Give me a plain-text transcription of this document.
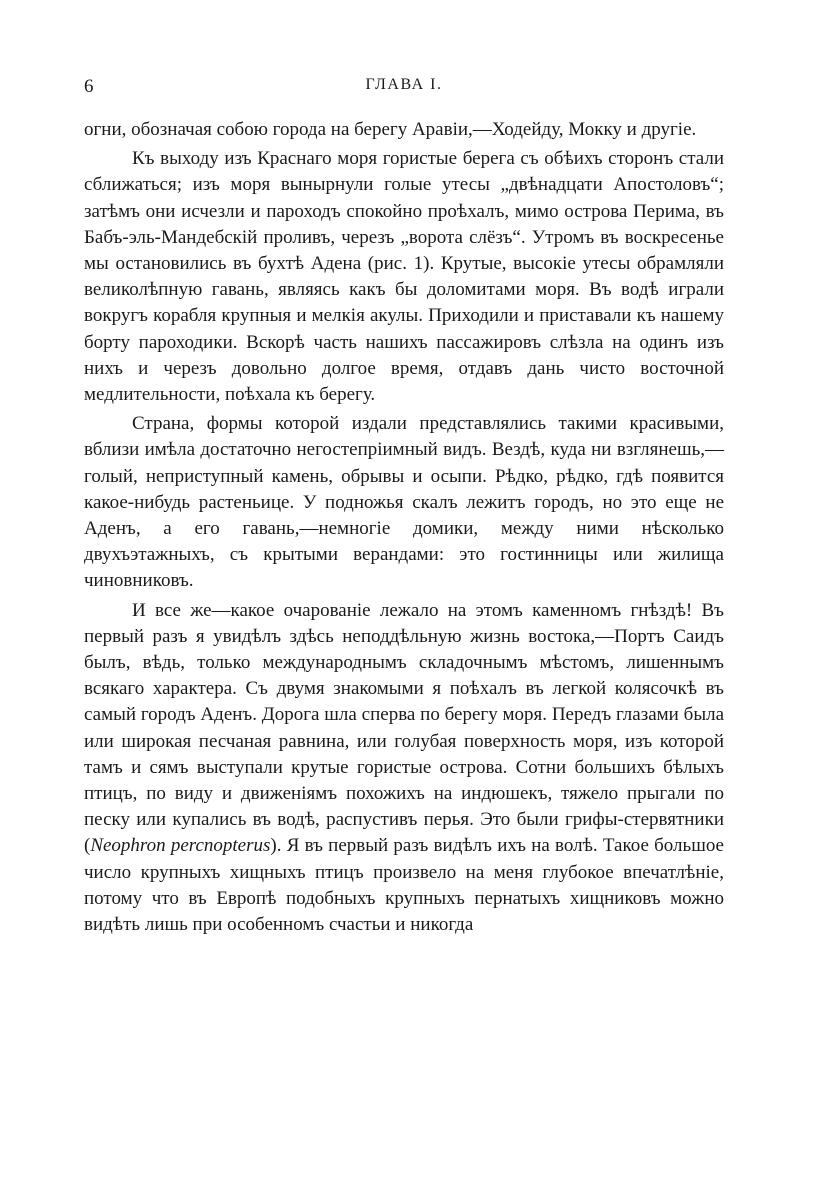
6	ГЛАВА I.

огни, обозначая собою города на берегу Аравіи,—Ходейду, Мокку и другіе.

Къ выходу изъ Краснаго моря гористые берега съ обѣихъ сторонъ стали сближаться; изъ моря вынырнули голые утесы „двѣнадцати Апостоловъ“; затѣмъ они исчезли и пароходъ спокойно проѣхалъ, мимо острова Перима, въ Бабъ-эль-Мандебскій проливъ, черезъ „ворота слёзъ“. Утромъ въ воскресенье мы остановились въ бухтѣ Адена (рис. 1). Крутые, высокіе утесы обрамляли великолѣпную гавань, являясь какъ бы доломитами моря. Въ водѣ играли вокругъ корабля крупныя и мелкія акулы. Приходили и приставали къ нашему борту пароходики. Вскорѣ часть нашихъ пассажировъ слѣзла на одинъ изъ нихъ и черезъ довольно долгое время, отдавъ дань чисто восточной медлительности, поѣхала къ берегу.

Страна, формы которой издали представлялись такими красивыми, вблизи имѣла достаточно негостепріимный видъ. Вездѣ, куда ни взглянешь,—голый, неприступный камень, обрывы и осыпи. Рѣдко, рѣдко, гдѣ появится какое-нибудь растеньице. У подножья скалъ лежитъ городъ, но это еще не Аденъ, а его гавань,—немногіе домики, между ними нѣсколько двухъэтажныхъ, съ крытыми верандами: это гостинницы или жилища чиновниковъ.

И все же—какое очарованіе лежало на этомъ каменномъ гнѣздѣ! Въ первый разъ я увидѣлъ здѣсь неподдѣльную жизнь востока,—Портъ Саидъ былъ, вѣдь, только международнымъ складочнымъ мѣстомъ, лишеннымъ всякаго характера. Съ двумя знакомыми я поѣхалъ въ легкой колясочкѣ въ самый городъ Аденъ. Дорога шла сперва по берегу моря. Передъ глазами была или широкая песчаная равнина, или голубая поверхность моря, изъ которой тамъ и сямъ выступали крутые гористые острова. Сотни большихъ бѣлыхъ птицъ, по виду и движеніямъ похожихъ на индюшекъ, тяжело прыгали по песку или купались въ водѣ, распустивъ перья. Это были грифы-стервятники (Neophron percnopterus). Я въ первый разъ видѣлъ ихъ на волѣ. Такое большое число крупныхъ хищныхъ птицъ произвело на меня глубокое впечатлѣніе, потому что въ Европѣ подобныхъ крупныхъ пернатыхъ хищниковъ можно видѣть лишь при особенномъ счастьи и никогда
